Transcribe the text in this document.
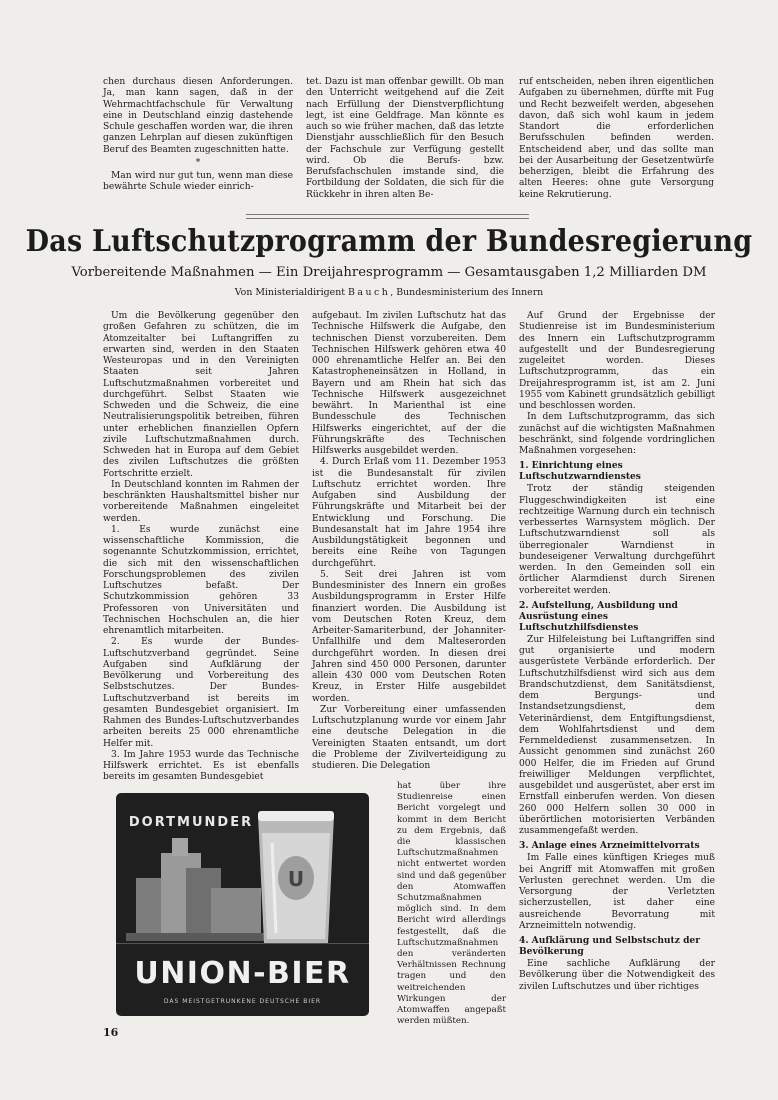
chen durchaus diesen Anforderungen. Ja, man kann sagen, daß in der Wehrmachtfachschule für Verwaltung eine in Deutschland einzig dastehende Schule geschaffen worden war, die ihren ganzen Lehrplan auf diesen zukünftigen Beruf des Beamten zugeschnitten hatte.

*

Man wird nur gut tun, wenn man diese bewährte Schule wieder einrich-

tet. Dazu ist man offenbar gewillt. Ob man den Unterricht weitgehend auf die Zeit nach Erfüllung der Dienstverpflichtung legt, ist eine Geldfrage. Man könnte es auch so wie früher machen, daß das letzte Dienstjahr ausschließlich für den Besuch der Fachschule zur Verfügung gestellt wird. Ob die Berufs- bzw. Berufsfachschulen imstande sind, die Fortbildung der Soldaten, die sich für die Rückkehr in ihren alten Be-

ruf entscheiden, neben ihren eigentlichen Aufgaben zu übernehmen, dürfte mit Fug und Recht bezweifelt werden, abgesehen davon, daß sich wohl kaum in jedem Standort die erforderlichen Berufsschulen befinden werden. Entscheidend aber, und das sollte man bei der Ausarbeitung der Gesetzentwürfe beherzigen, bleibt die Erfahrung des alten Heeres: ohne gute Versorgung keine Rekrutierung.

Das Luftschutzprogramm der Bundesregierung
Vorbereitende Maßnahmen — Ein Dreijahresprogramm — Gesamtausgaben 1,2 Milliarden DM

Von Ministerialdirigent Bauch, Bundesministerium des Innern

Um die Bevölkerung gegenüber den großen Gefahren zu schützen, die im Atomzeitalter bei Luftangriffen zu erwarten sind, werden in den Staaten Westeuropas und in den Vereinigten Staaten seit Jahren Luftschutzmaßnahmen vorbereitet und durchgeführt. Selbst Staaten wie Schweden und die Schweiz, die eine Neutralisierungspolitik betreiben, führen unter erheblichen finanziellen Opfern zivile Luftschutzmaßnahmen durch. Schweden hat in Europa auf dem Gebiet des zivilen Luftschutzes die größten Fortschritte erzielt.

In Deutschland konnten im Rahmen der beschränkten Haushaltsmittel bisher nur vorbereitende Maßnahmen eingeleitet werden.

1. Es wurde zunächst eine wissenschaftliche Kommission, die sogenannte Schutzkommission, errichtet, die sich mit den wissenschaftlichen Forschungsproblemen des zivilen Luftschutzes befaßt. Der Schutzkommission gehören 33 Professoren von Universitäten und Technischen Hochschulen an, die hier ehrenamtlich mitarbeiten.

2. Es wurde der Bundes-Luftschutzverband gegründet. Seine Aufgaben sind Aufklärung der Bevölkerung und Vorbereitung des Selbstschutzes. Der Bundes-Luftschutzverband ist bereits im gesamten Bundesgebiet organisiert. Im Rahmen des Bundes-Luftschutzverbandes arbeiten bereits 25 000 ehrenamtliche Helfer mit.

3. Im Jahre 1953 wurde das Technische Hilfswerk errichtet. Es ist ebenfalls bereits im gesamten Bundesgebiet

aufgebaut. Im zivilen Luftschutz hat das Technische Hilfswerk die Aufgabe, den technischen Dienst vorzubereiten. Dem Technischen Hilfswerk gehören etwa 40 000 ehrenamtliche Helfer an. Bei den Katastropheneinsätzen in Holland, in Bayern und am Rhein hat sich das Technische Hilfswerk ausgezeichnet bewährt. In Marienthal ist eine Bundesschule des Technischen Hilfswerks eingerichtet, auf der die Führungskräfte des Technischen Hilfswerks ausgebildet werden.

4. Durch Erlaß vom 11. Dezember 1953 ist die Bundesanstalt für zivilen Luftschutz errichtet worden. Ihre Aufgaben sind Ausbildung der Führungskräfte und Mitarbeit bei der Entwicklung und Forschung. Die Bundesanstalt hat im Jahre 1954 ihre Ausbildungstätigkeit begonnen und bereits eine Reihe von Tagungen durchgeführt.

5. Seit drei Jahren ist vom Bundesminister des Innern ein großes Ausbildungsprogramm in Erster Hilfe finanziert worden. Die Ausbildung ist vom Deutschen Roten Kreuz, dem Arbeiter-Samariterbund, der Johanniter-Unfallhilfe und dem Malteserorden durchgeführt worden. In diesen drei Jahren sind 450 000 Personen, darunter allein 430 000 vom Deutschen Roten Kreuz, in Erster Hilfe ausgebildet worden.

Zur Vorbereitung einer umfassenden Luftschutzplanung wurde vor einem Jahr eine deutsche Delegation in die Vereinigten Staaten entsandt, um dort die Probleme der Zivilverteidigung zu studieren. Die Delegation

hat über ihre Studienreise einen Bericht vorgelegt und kommt in dem Bericht zu dem Ergebnis, daß die klassischen Luftschutzmaßnahmen nicht entwertet worden sind und daß gegenüber den Atomwaffen Schutzmaßnahmen möglich sind. In dem Bericht wird allerdings festgestellt, daß die Luftschutzmaßnahmen den veränderten Verhältnissen Rechnung tragen und den weitreichenden Wirkungen der Atomwaffen angepaßt werden müßten.

Auf Grund der Ergebnisse der Studienreise ist im Bundesministerium des Innern ein Luftschutzprogramm aufgestellt und der Bundesregierung zugeleitet worden. Dieses Luftschutzprogramm, das ein Dreijahresprogramm ist, ist am 2. Juni 1955 vom Kabinett grundsätzlich gebilligt und beschlossen worden.

In dem Luftschutzprogramm, das sich zunächst auf die wichtigsten Maßnahmen beschränkt, sind folgende vordringlichen Maßnahmen vorgesehen:

1. Einrichtung eines Luftschutzwarndienstes

Trotz der ständig steigenden Fluggeschwindigkeiten ist eine rechtzeitige Warnung durch ein technisch verbessertes Warnsystem möglich. Der Luftschutzwarndienst soll als überregionaler Warndienst in bundeseigener Verwaltung durchgeführt werden. In den Gemeinden soll ein örtlicher Alarmdienst durch Sirenen vorbereitet werden.

2. Aufstellung, Ausbildung und Ausrüstung eines Luftschutzhilfsdienstes

Zur Hilfeleistung bei Luftangriffen sind gut organisierte und modern ausgerüstete Verbände erforderlich. Der Luftschutzhilfsdienst wird sich aus dem Brandschutzdienst, dem Sanitätsdienst, dem Bergungs- und Instandsetzungsdienst, dem Veterinärdienst, dem Entgiftungsdienst, dem Wohlfahrtsdienst und dem Fernmeldedienst zusammensetzen. In Aussicht genommen sind zunächst 260 000 Helfer, die im Frieden auf Grund freiwilliger Meldungen verpflichtet, ausgebildet und ausgerüstet, aber erst im Ernstfall einberufen werden. Von diesen 260 000 Helfern sollen 30 000 in überörtlichen motorisierten Verbänden zusammengefaßt werden.

3. Anlage eines Arzneimittelvorrats

Im Falle eines künftigen Krieges muß bei Angriff mit Atomwaffen mit großen Verlusten gerechnet werden. Um die Versorgung der Verletzten sicherzustellen, ist daher eine ausreichende Bevorratung mit Arzneimitteln notwendig.

4. Aufklärung und Selbstschutz der Bevölkerung

Eine sachliche Aufklärung der Bevölkerung über die Notwendigkeit des zivilen Luftschutzes und über richtiges

U
DORTMUNDER
UNION-BIER
DAS MEISTGETRUNKENE DEUTSCHE BIER

16
